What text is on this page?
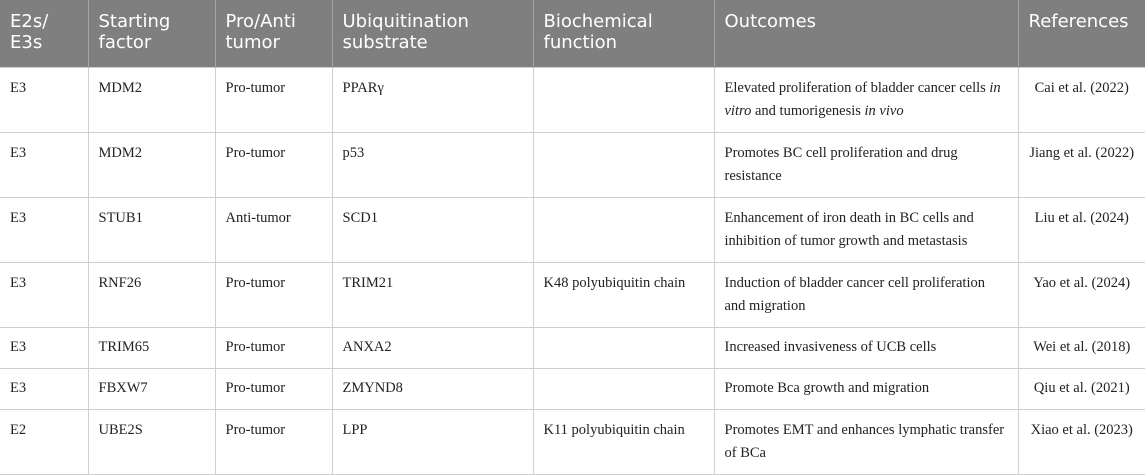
E2s/ E3s	Starting factor	Pro/Anti tumor	Ubiquitination substrate	Biochemical function	Outcomes	References
E3	MDM2	Pro-tumor	PPARγ		Elevated proliferation of bladder cancer cells in vitro and tumorigenesis in vivo	Cai et al. (2022)
E3	MDM2	Pro-tumor	p53		Promotes BC cell proliferation and drug resistance	Jiang et al. (2022)
E3	STUB1	Anti-tumor	SCD1		Enhancement of iron death in BC cells and inhibition of tumor growth and metastasis	Liu et al. (2024)
E3	RNF26	Pro-tumor	TRIM21	K48 polyubiquitin chain	Induction of bladder cancer cell proliferation and migration	Yao et al. (2024)
E3	TRIM65	Pro-tumor	ANXA2		Increased invasiveness of UCB cells	Wei et al. (2018)
E3	FBXW7	Pro-tumor	ZMYND8		Promote Bca growth and migration	Qiu et al. (2021)
E2	UBE2S	Pro-tumor	LPP	K11 polyubiquitin chain	Promotes EMT and enhances lymphatic transfer of BCa	Xiao et al. (2023)
